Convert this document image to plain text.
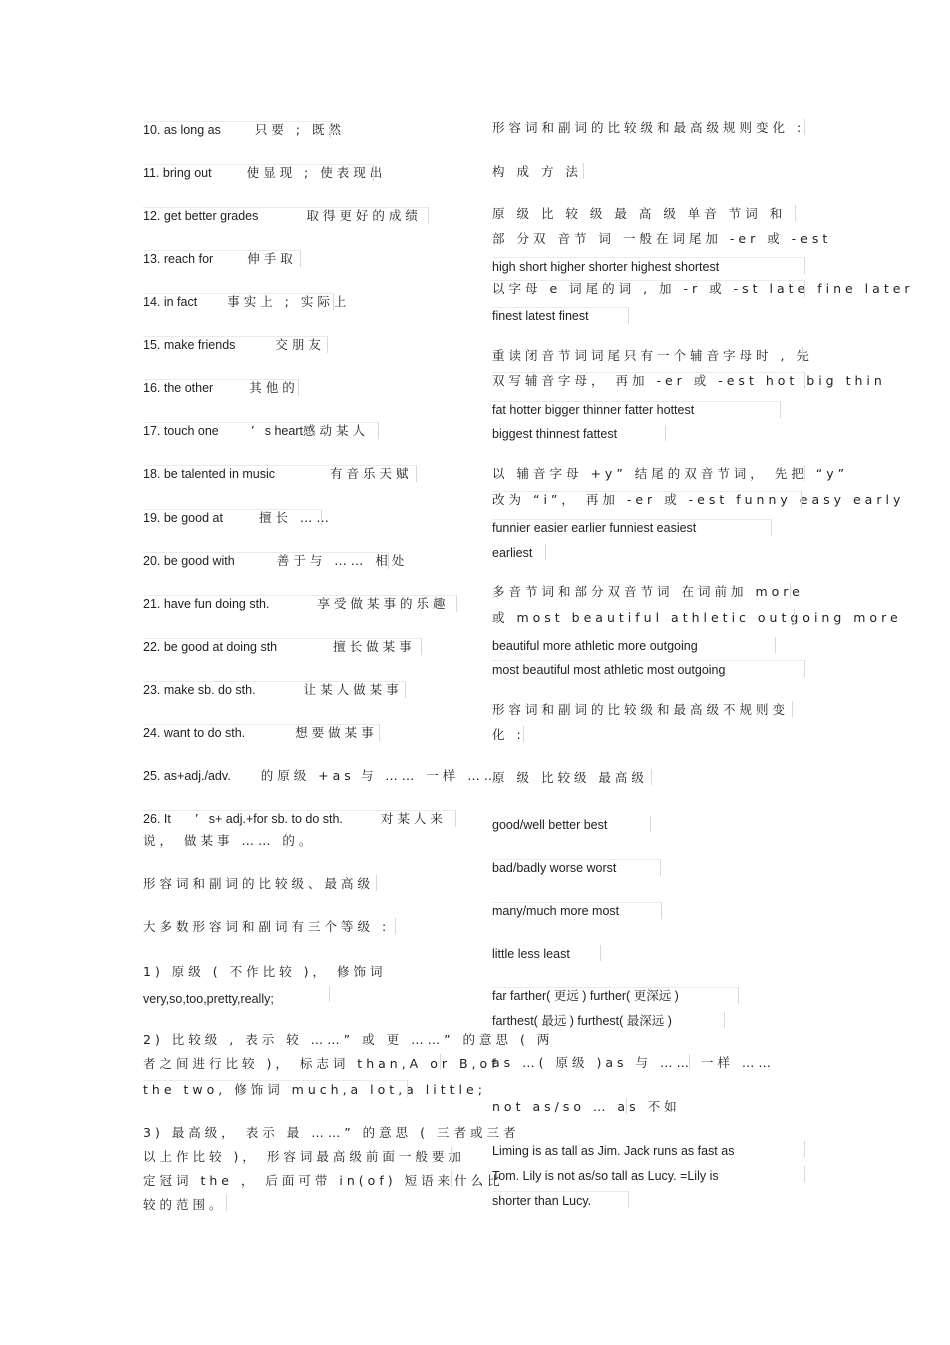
10. as long as	只要 ; 既然
11. bring out	使显现 ; 使表现出
12. get better grades	取得更好的成绩
13. reach for	伸手取
14. in fact 事实上 ; 实际上
15. make friends	交朋友
16. the other	其他的
17. touch one	’ s heart感动某人
18. be talented in music	有音乐天赋
19. be good at	擅长 ……
20. be good with	善于与 …… 相处
21. have fun doing sth.	享受做某事的乐趣
22. be good at doing sth	擅长做某事
23. make sb. do sth.	让某人做某事
24. want to do sth.	想要做某事
25. as+adj./adv. 的原级 +as 与 …… 一样 ……
26. It ’ s+ adj.+for sb. to do sth.	对某人来
说， 做某事 …… 的。
形容词和副词的比较级、最高级
大多数形容词和副词有三个等级 :
1) 原级 ( 不作比较 )， 修饰词
very,so,too,pretty,really;
2) 比较级 , 表示 较 ……” 或 更 ……” 的意思 ( 两
者之间进行比较 )， 标志词 than,A or B,of
the two, 修饰词 much,a lot,a little;
3) 最高级， 表示 最 ……” 的意思 ( 三者或三者
以上作比较 )， 形容词最高级前面一般要加
定冠词 the ， 后面可带 in(of) 短语来什么比
较的范围。
形容词和副词的比较级和最高级规则变化 :
构 成 方 法
原 级 比 较 级 最 高 级 单音 节词 和
部 分双 音节 词 一般在词尾加 -er 或 -est
high short higher shorter highest shortest
以字母 e 词尾的词 , 加 -r 或 -st late fine later
finest latest finest
重读闭音节词词尾只有一个辅音字母时 , 先
双写辅音字母， 再加 -er 或 -est hot big thin
fat hotter bigger thinner fatter hottest
biggest thinnest fattest
以 辅音字母 +y” 结尾的双音节词， 先把 “y”
改为 “i”， 再加 -er 或 -est funny easy early
funnier easier earlier funniest easiest
earliest
多音节词和部分双音节词 在词前加 more
或 most beautiful athletic outgoing more
beautiful more athletic more outgoing
most beautiful most athletic most outgoing
形容词和副词的比较级和最高级不规则变
化 :
原 级 比较级 最高级
good/well better best
bad/badly worse worst
many/much more most
little less least
far farther( 更远 ) further( 更深远 )
farthest( 最远 ) furthest( 最深远 )
as …( 原级 )as 与 …… 一样 ……
not as/so … as 不如
Liming is as tall as Jim. Jack runs as fast as
Tom. Lily is not as/so tall as Lucy. =Lily is
shorter than Lucy.
